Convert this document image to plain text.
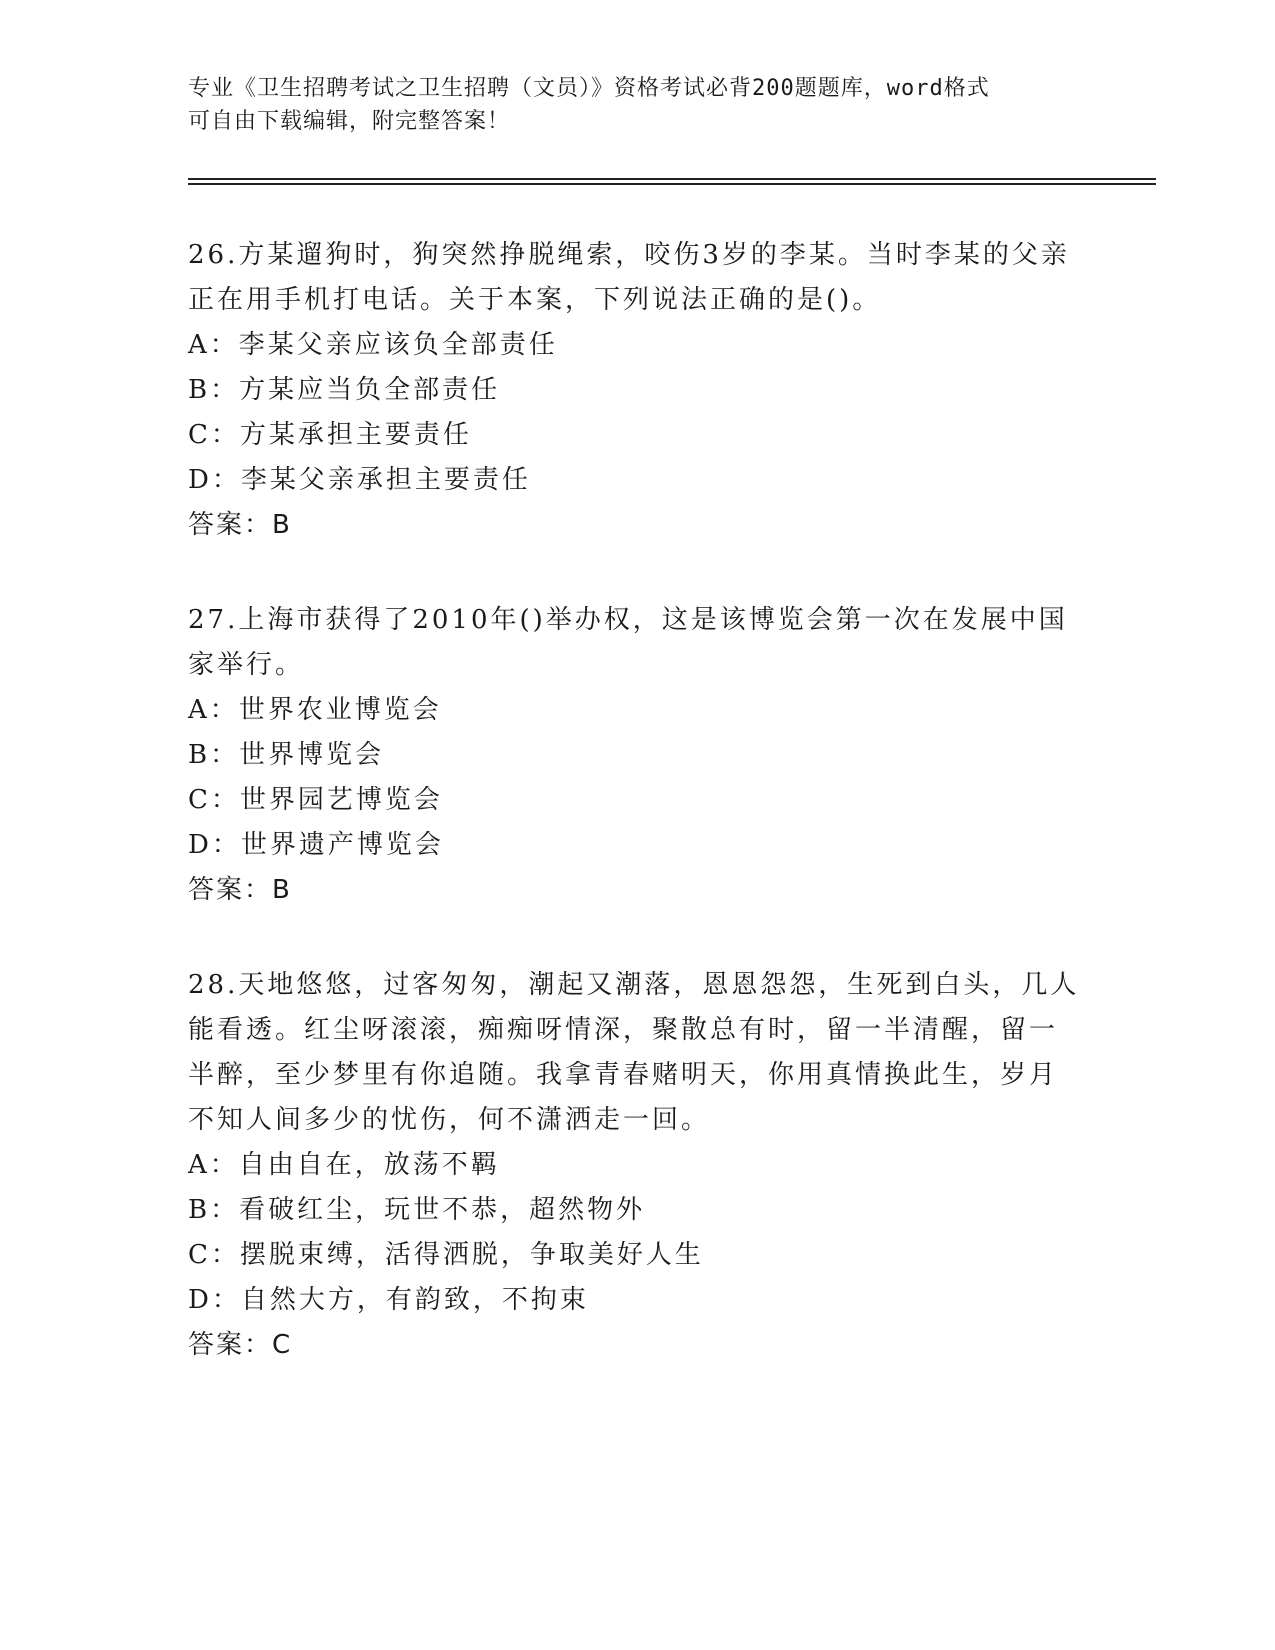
专业《卫生招聘考试之卫生招聘（文员）》资格考试必背200题题库，word格式
可自由下载编辑，附完整答案！
26.方某遛狗时，狗突然挣脱绳索，咬伤3岁的李某。当时李某的父亲
正在用手机打电话。关于本案，下列说法正确的是()。
A：李某父亲应该负全部责任
B：方某应当负全部责任
C：方某承担主要责任
D：李某父亲承担主要责任
答案：B
27.上海市获得了2010年()举办权，这是该博览会第一次在发展中国
家举行。
A：世界农业博览会
B：世界博览会
C：世界园艺博览会
D：世界遗产博览会
答案：B
28.天地悠悠，过客匆匆，潮起又潮落，恩恩怨怨，生死到白头，几人
能看透。红尘呀滚滚，痴痴呀情深，聚散总有时，留一半清醒，留一
半醉，至少梦里有你追随。我拿青春赌明天，你用真情换此生，岁月
不知人间多少的忧伤，何不潇洒走一回。
A：自由自在，放荡不羁
B：看破红尘，玩世不恭，超然物外
C：摆脱束缚，活得洒脱，争取美好人生
D：自然大方，有韵致，不拘束
答案：C
